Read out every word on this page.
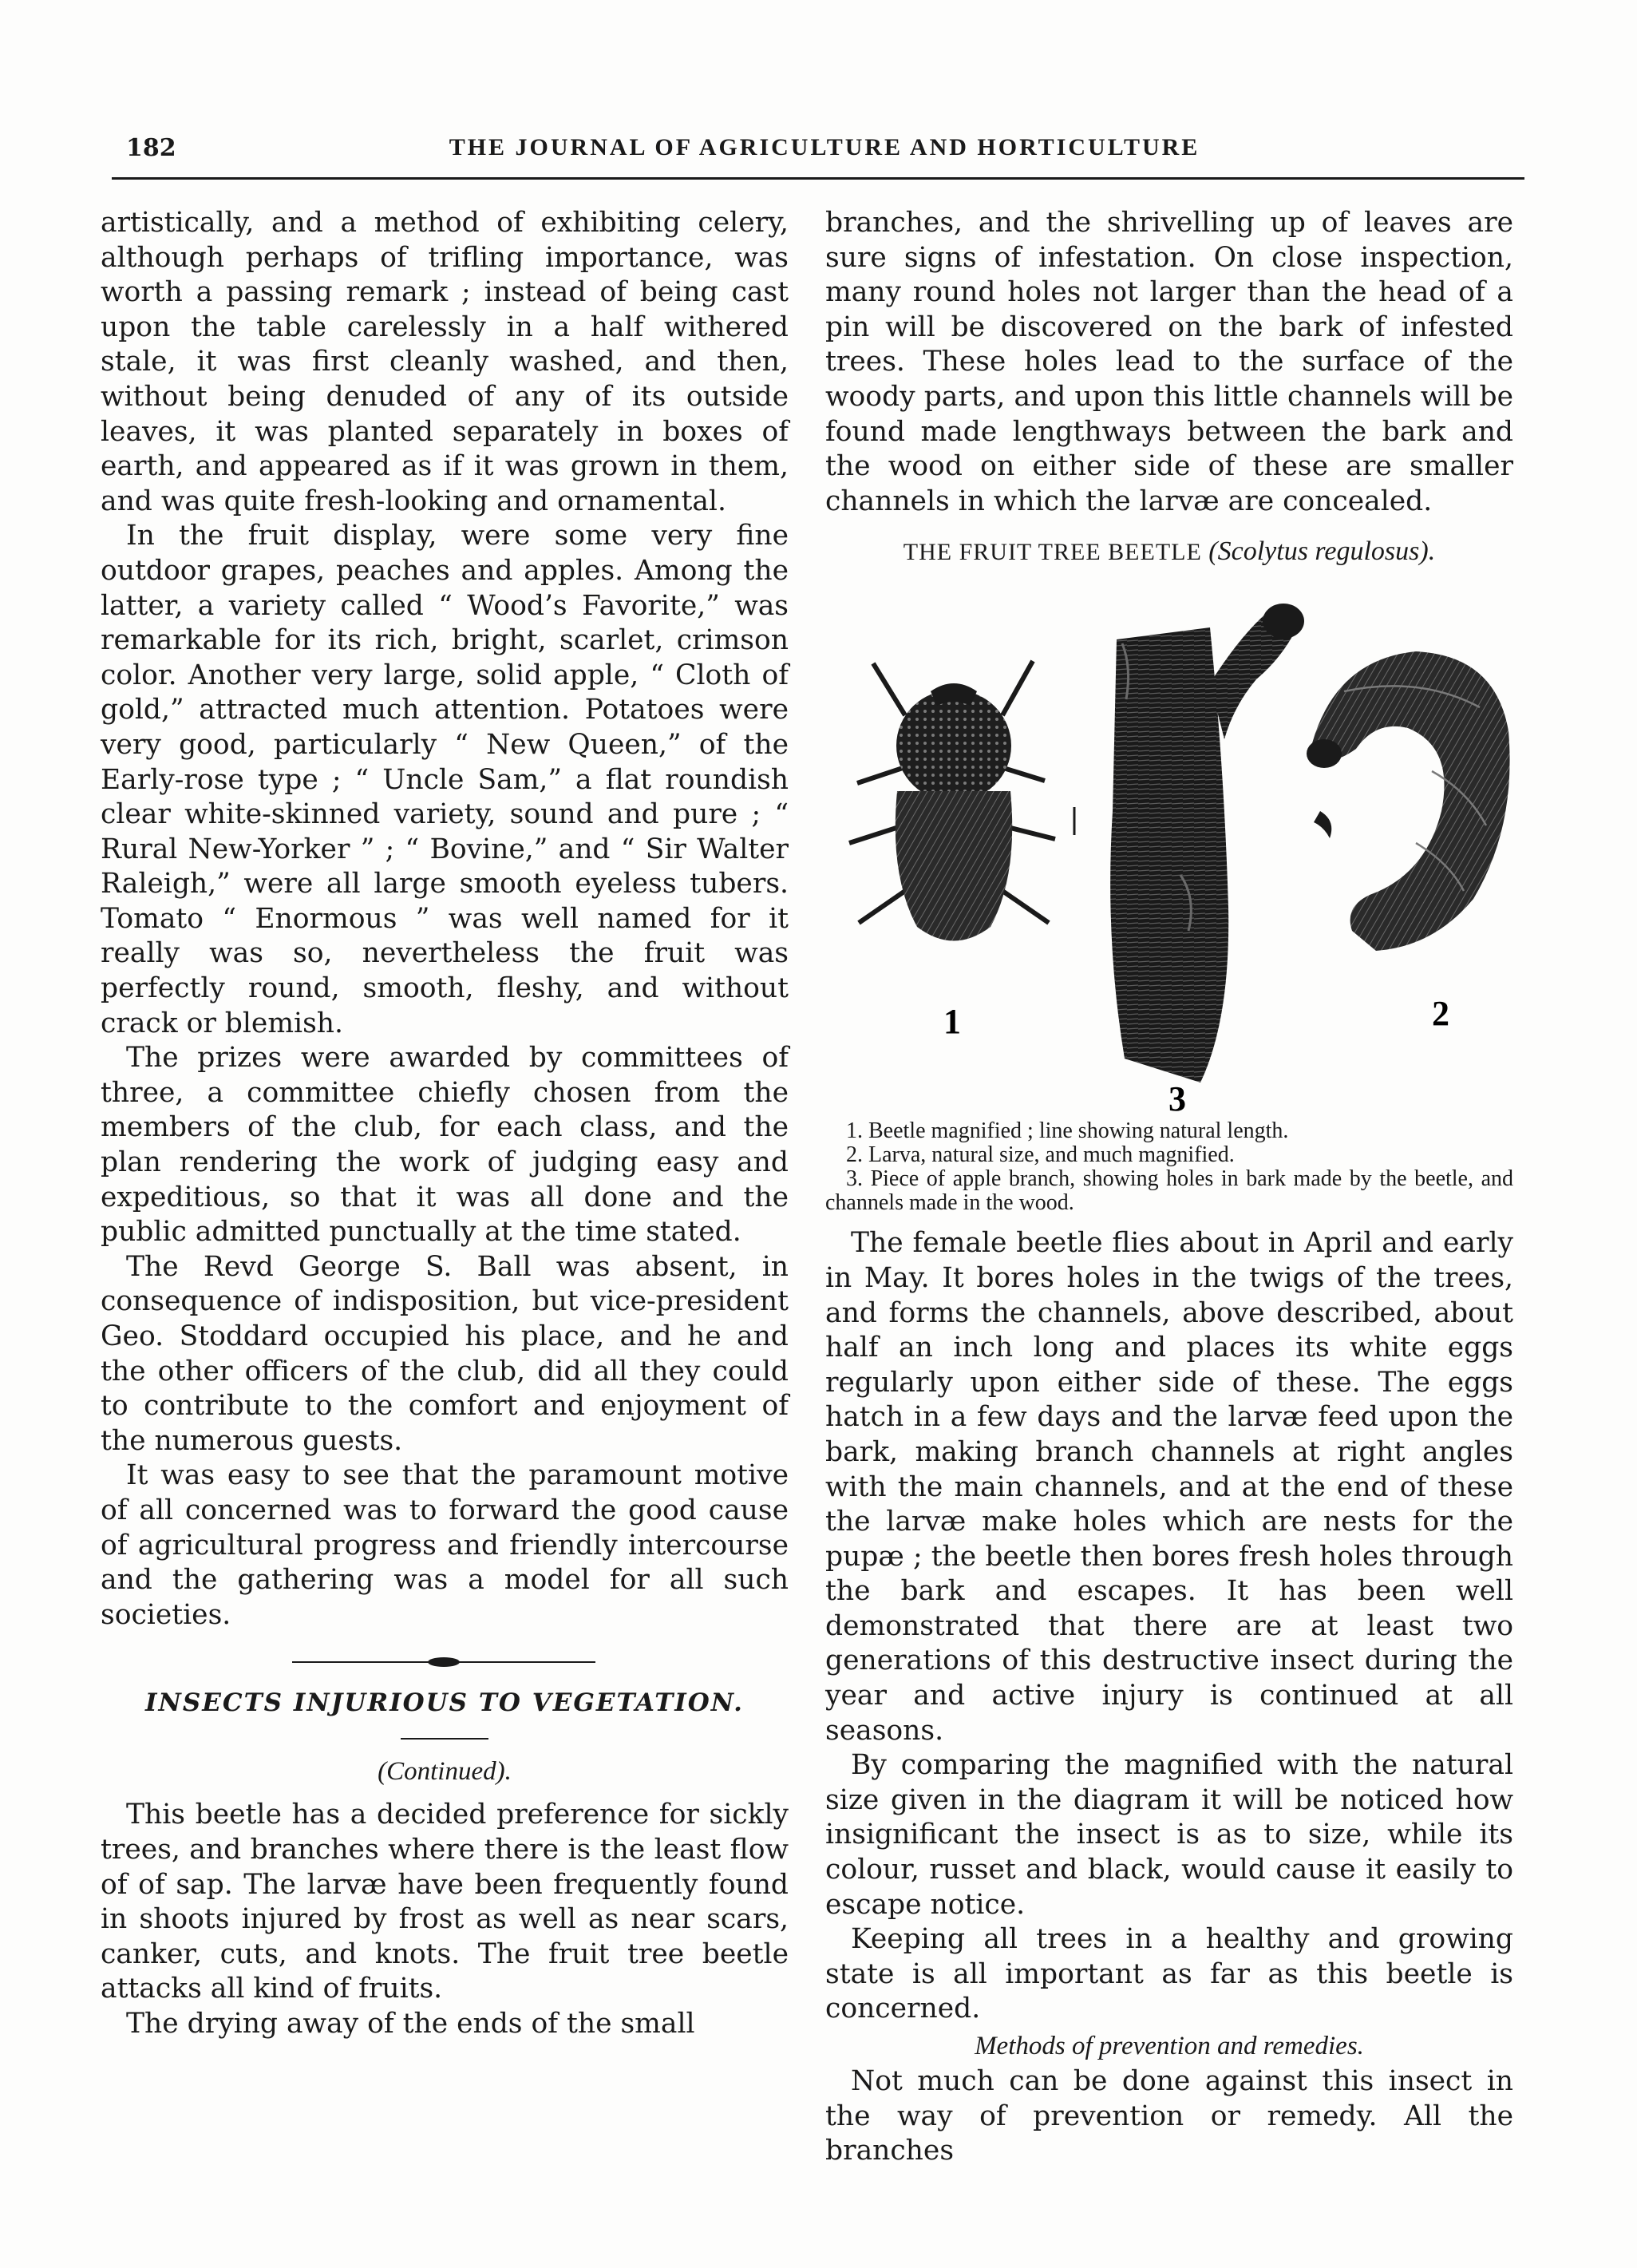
182	THE JOURNAL OF AGRICULTURE AND HORTICULTURE

artistically, and a method of exhibiting celery, although perhaps of trifling importance, was worth a passing remark ; instead of being cast upon the table carelessly in a half withered stale, it was first cleanly washed, and then, without being denuded of any of its outside leaves, it was planted separately in boxes of earth, and appeared as if it was grown in them, and was quite fresh-looking and ornamental.

In the fruit display, were some very fine outdoor grapes, peaches and apples. Among the latter, a variety called “ Wood’s Favorite,” was remarkable for its rich, bright, scarlet, crimson color. Another very large, solid apple, “ Cloth of gold,” attracted much attention. Potatoes were very good, particularly “ New Queen,” of the Early-rose type ; “ Uncle Sam,” a flat roundish clear white-skinned variety, sound and pure ; “ Rural New-Yorker ” ; “ Bovine,” and “ Sir Walter Raleigh,” were all large smooth eyeless tubers. Tomato “ Enormous ” was well named for it really was so, nevertheless the fruit was perfectly round, smooth, fleshy, and without crack or blemish.

The prizes were awarded by committees of three, a committee chiefly chosen from the members of the club, for each class, and the plan rendering the work of judging easy and expeditious, so that it was all done and the public admitted punctually at the time stated.

The Revd George S. Ball was absent, in consequence of indisposition, but vice-president Geo. Stoddard occupied his place, and he and the other officers of the club, did all they could to contribute to the comfort and enjoyment of the numerous guests.

It was easy to see that the paramount motive of all concerned was to forward the good cause of agricultural progress and friendly intercourse and the gathering was a model for all such societies.

INSECTS INJURIOUS TO VEGETATION.

(Continued).

This beetle has a decided preference for sickly trees, and branches where there is the least flow of of sap. The larvæ have been frequently found in shoots injured by frost as well as near scars, canker, cuts, and knots. The fruit tree beetle attacks all kind of fruits.

The drying away of the ends of the small

branches, and the shrivelling up of leaves are sure signs of infestation. On close inspection, many round holes not larger than the head of a pin will be discovered on the bark of infested trees. These holes lead to the surface of the woody parts, and upon this little channels will be found made lengthways between the bark and the wood on either side of these are smaller channels in which the larvæ are concealed.

THE FRUIT TREE BEETLE (Scolytus regulosus).

1	2
3

1. Beetle magnified ; line showing natural length.

2. Larva, natural size, and much magnified.

3. Piece of apple branch, showing holes in bark made by the beetle, and channels made in the wood.

The female beetle flies about in April and early in May. It bores holes in the twigs of the trees, and forms the channels, above described, about half an inch long and places its white eggs regularly upon either side of these. The eggs hatch in a few days and the larvæ feed upon the bark, making branch channels at right angles with the main channels, and at the end of these the larvæ make holes which are nests for the pupæ ; the beetle then bores fresh holes through the bark and escapes. It has been well demonstrated that there are at least two generations of this destructive insect during the year and active injury is continued at all seasons.

By comparing the magnified with the natural size given in the diagram it will be noticed how insignificant the insect is as to size, while its colour, russet and black, would cause it easily to escape notice.

Keeping all trees in a healthy and growing state is all important as far as this beetle is concerned.

Methods of prevention and remedies.

Not much can be done against this insect in the way of prevention or remedy. All the branches
